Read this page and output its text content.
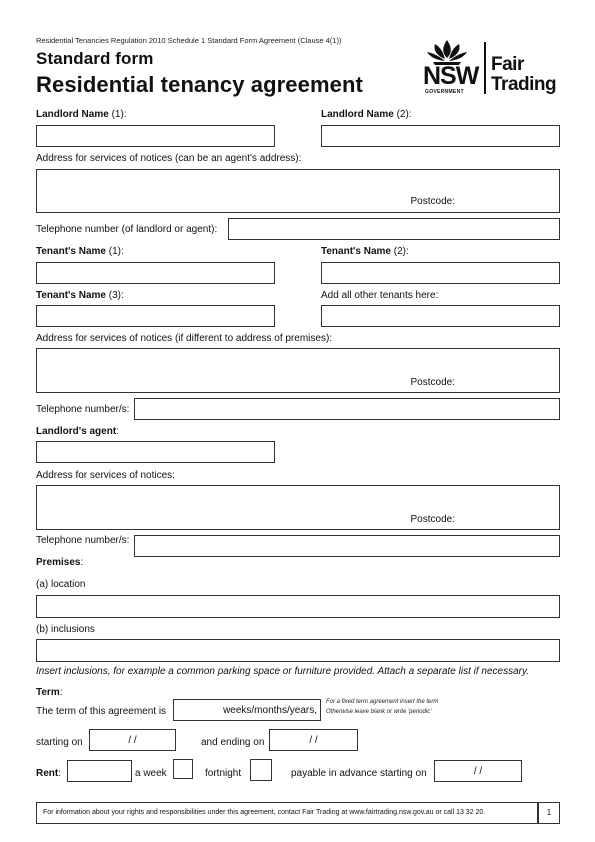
Residential Tenancies Regulation 2010 Schedule 1 Standard Form Agreement (Clause 4(1))
Standard form
Residential tenancy agreement NSW
GOVERNMENT
Fair
Trading
Landlord Name (1):	Landlord Name (2):
Address for services of notices (can be an agent's address):
Postcode:
Telephone number (of landlord or agent):
Tenant's Name (1):	Tenant's Name (2):
Tenant's Name (3):	Add all other tenants here:
Address for services of notices (if different to address of premises):
Postcode:
Telephone number/s:
Landlord's agent:
Address for services of notices:
Postcode:
Telephone number/s:
Premises:
(a) location
(b) inclusions
Insert inclusions, for example a common parking space or furniture provided. Attach a separate list if necessary.
Term:
The term of this agreement is	weeks/months/years,
For a fixed term agreement insert the term
Otherwise leave blank or write 'periodic'
starting on	/ /	and ending on	/ /
Rent:	a week	fortnight	payable in advance starting on	/ /
For information about your rights and responsibilities under this agreement, contact Fair Trading at www.fairtrading.nsw.gov.au or call 13 32 20.	1
